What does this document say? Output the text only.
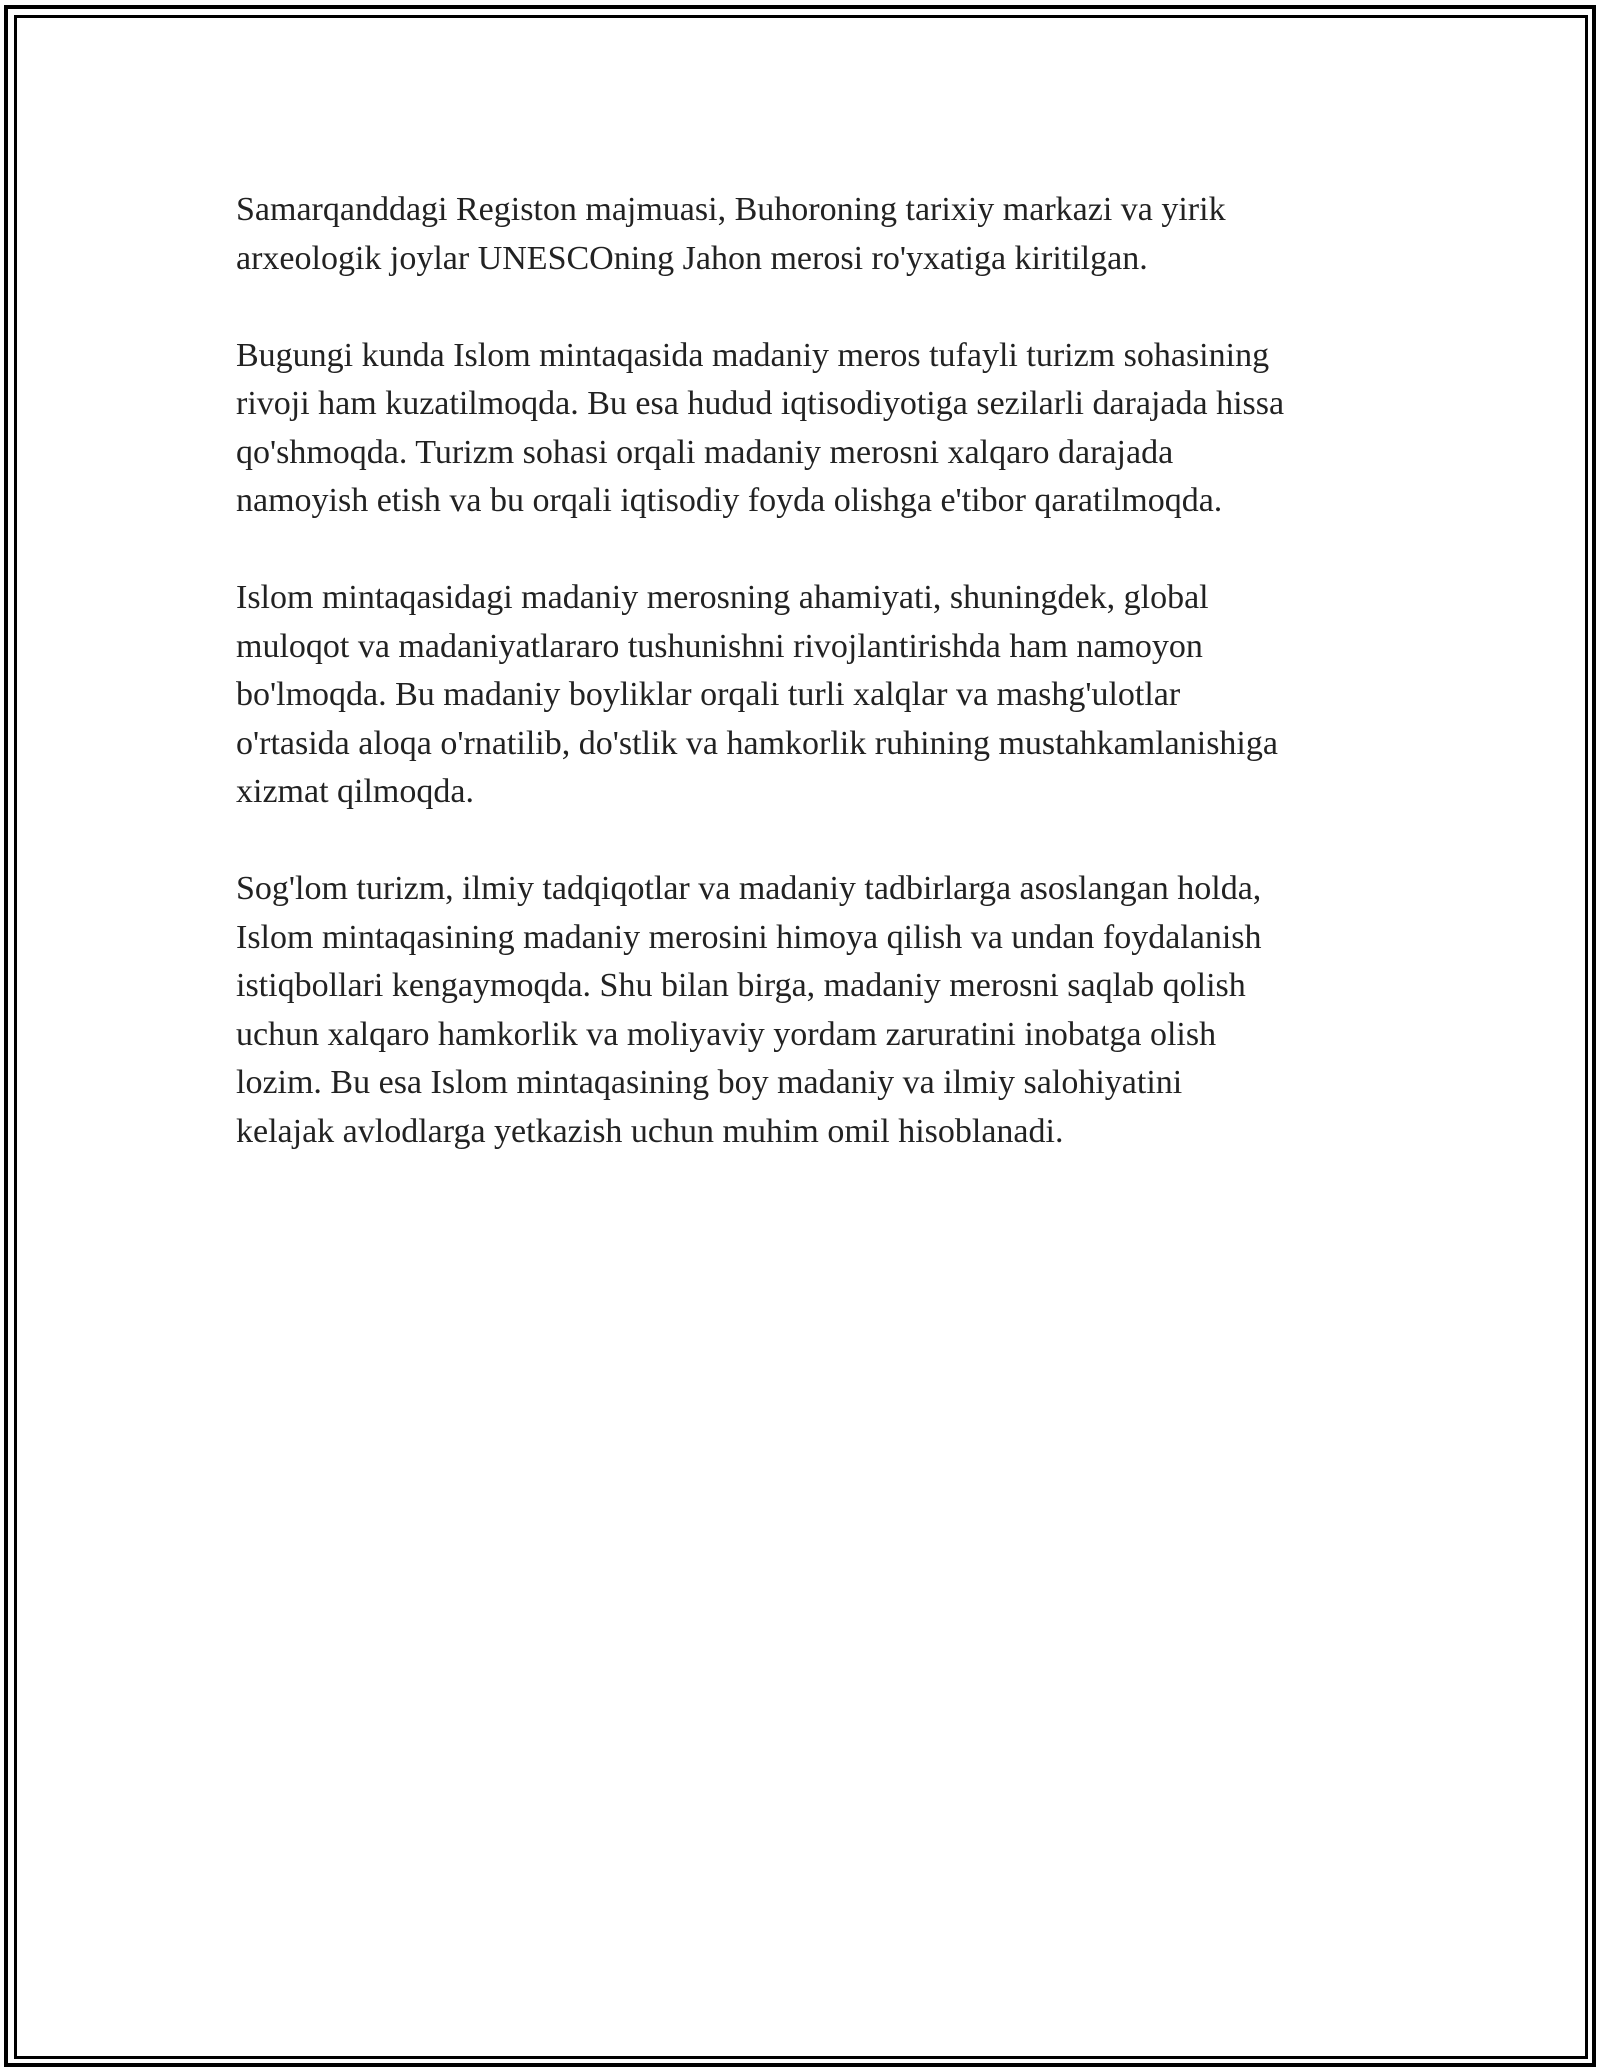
Samarqanddagi Registon majmuasi, Buhoroning tarixiy markazi va yirik
arxeologik joylar UNESCOning Jahon merosi ro'yxatiga kiritilgan.

Bugungi kunda Islom mintaqasida madaniy meros tufayli turizm sohasining
rivoji ham kuzatilmoqda. Bu esa hudud iqtisodiyotiga sezilarli darajada hissa
qo'shmoqda. Turizm sohasi orqali madaniy merosni xalqaro darajada
namoyish etish va bu orqali iqtisodiy foyda olishga e'tibor qaratilmoqda.

Islom mintaqasidagi madaniy merosning ahamiyati, shuningdek, global
muloqot va madaniyatlararo tushunishni rivojlantirishda ham namoyon
bo'lmoqda. Bu madaniy boyliklar orqali turli xalqlar va mashg'ulotlar
o'rtasida aloqa o'rnatilib, do'stlik va hamkorlik ruhining mustahkamlanishiga
xizmat qilmoqda.

Sog'lom turizm, ilmiy tadqiqotlar va madaniy tadbirlarga asoslangan holda,
Islom mintaqasining madaniy merosini himoya qilish va undan foydalanish
istiqbollari kengaymoqda. Shu bilan birga, madaniy merosni saqlab qolish
uchun xalqaro hamkorlik va moliyaviy yordam zaruratini inobatga olish
lozim. Bu esa Islom mintaqasining boy madaniy va ilmiy salohiyatini
kelajak avlodlarga yetkazish uchun muhim omil hisoblanadi.
